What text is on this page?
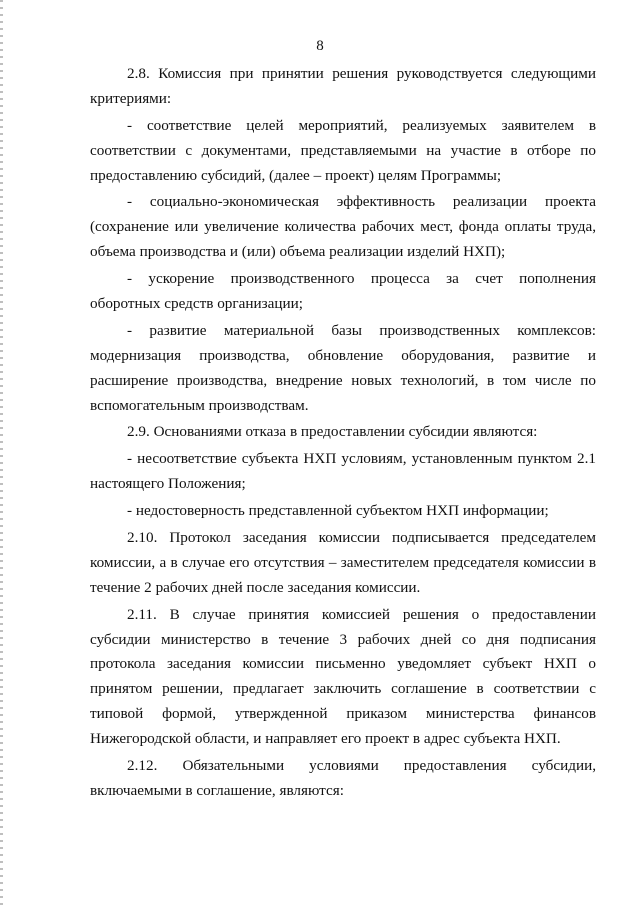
8
2.8. Комиссия при принятии решения руководствуется следующими
критериями:
- соответствие целей мероприятий, реализуемых заявителем в
соответствии с документами, представляемыми на участие в отборе по
предоставлению субсидий, (далее – проект) целям Программы;
- социально-экономическая эффективность реализации проекта
(сохранение или увеличение количества рабочих мест, фонда оплаты труда,
объема производства и (или) объема реализации изделий НХП);
- ускорение производственного процесса за счет пополнения
оборотных средств организации;
- развитие материальной базы производственных комплексов:
модернизация производства, обновление оборудования, развитие и
расширение производства, внедрение новых технологий, в том числе по
вспомогательным производствам.
2.9. Основаниями отказа в предоставлении субсидии являются:
- несоответствие субъекта НХП условиям, установленным пунктом 2.1
настоящего Положения;
- недостоверность представленной субъектом НХП информации;
2.10. Протокол заседания комиссии подписывается председателем
комиссии, а в случае его отсутствия – заместителем председателя комиссии в
течение 2 рабочих дней после заседания комиссии.
2.11. В случае принятия комиссией решения о предоставлении
субсидии министерство в течение 3 рабочих дней со дня подписания
протокола заседания комиссии письменно уведомляет субъект НХП о
принятом решении, предлагает заключить соглашение в соответствии с
типовой формой, утвержденной приказом министерства финансов
Нижегородской области, и направляет его проект в адрес субъекта НХП.
2.12. Обязательными условиями предоставления субсидии,
включаемыми в соглашение, являются:
